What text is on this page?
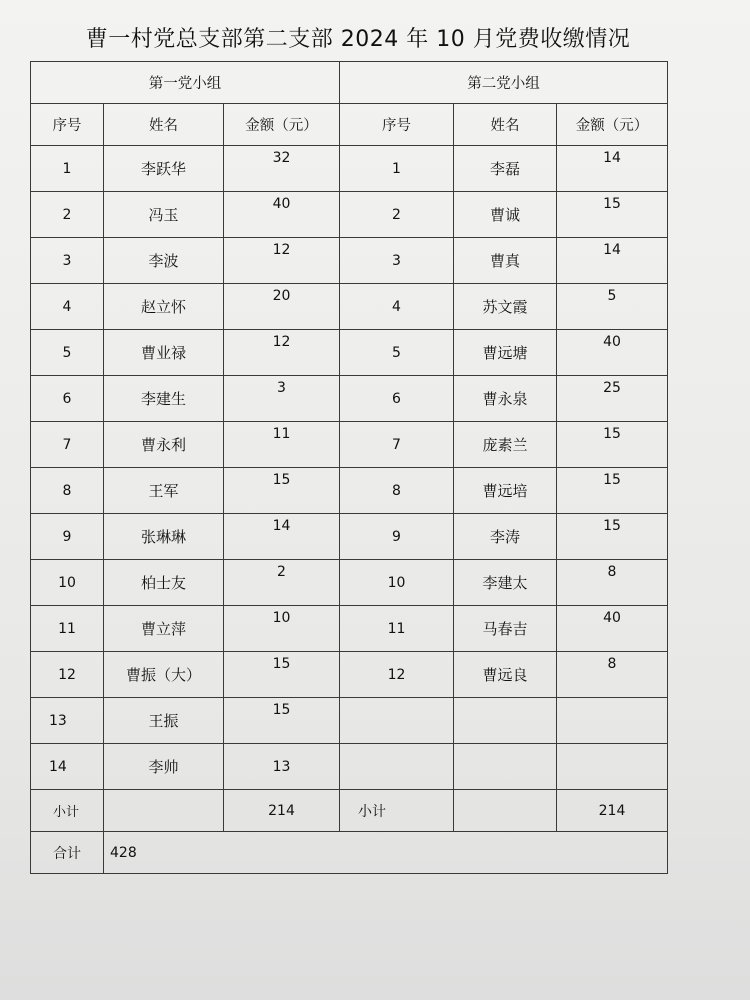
曹一村党总支部第二支部 2024 年 10 月党费收缴情况
第一党小组			第二党小组		
序号	姓名	金额（元）	序号	姓名	金额（元）
1	李跃华	32	1	李磊	14
2	冯玉	40	2	曹诚	15
3	李波	12	3	曹真	14
4	赵立怀	20	4	苏文霞	5
5	曹业禄	12	5	曹远塘	40
6	李建生	3	6	曹永泉	25
7	曹永利	11	7	庞素兰	15
8	王军	15	8	曹远培	15
9	张琳琳	14	9	李涛	15
10	柏士友	2	10	李建太	8
11	曹立萍	10	11	马春吉	40
12	曹振（大）	15	12	曹远良	8
13	王振	15			
14	李帅	13			
小计		214	小计		214
合计	428				
